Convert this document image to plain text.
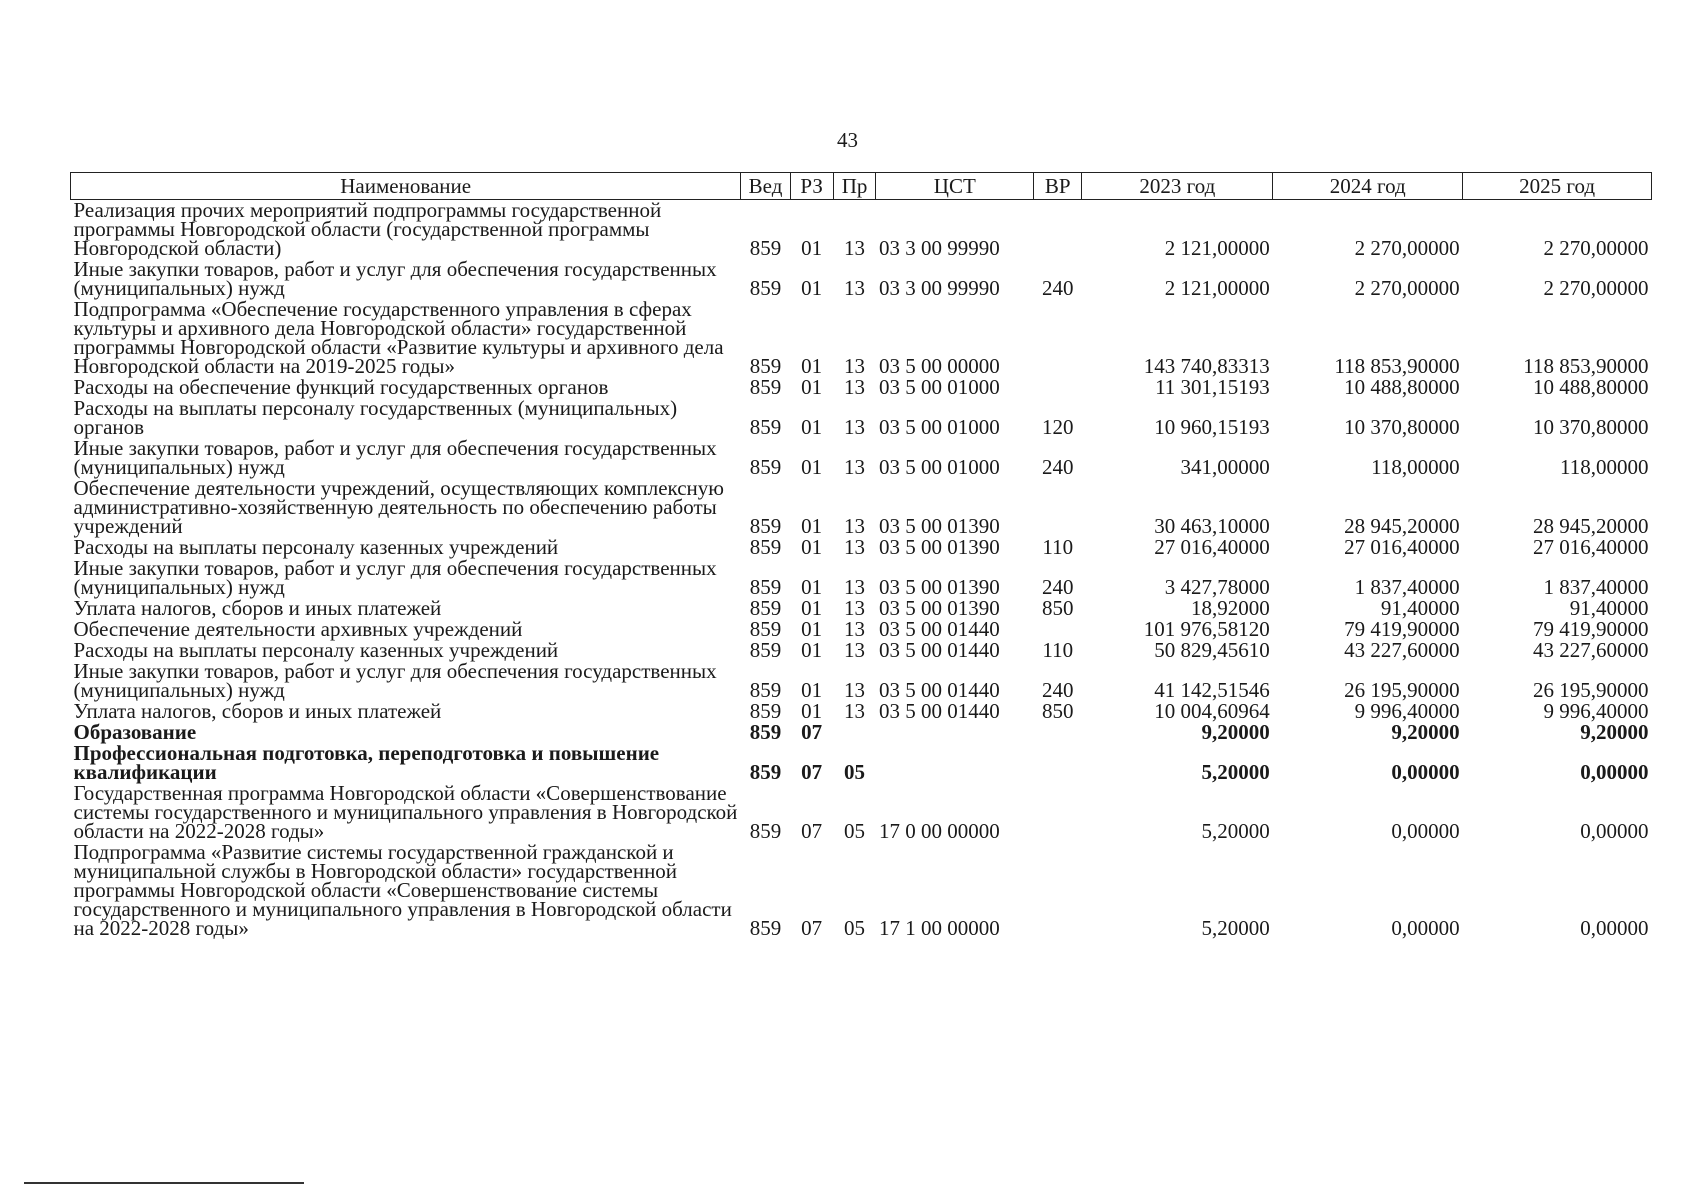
43
Наименование	Вед	РЗ	Пр	ЦСТ	ВР	2023 год	2024 год	2025 год
Реализация прочих мероприятий подпрограммы государственной программы Новгородской области (государственной программы Новгородской области)	859	01	13	03 3 00 99990		2 121,00000	2 270,00000	2 270,00000
Иные закупки товаров, работ и услуг для обеспечения государственных (муниципальных) нужд	859	01	13	03 3 00 99990	240	2 121,00000	2 270,00000	2 270,00000
Подпрограмма «Обеспечение государственного управления в сферах культуры и архивного дела Новгородской области» государственной программы Новгородской области «Развитие культуры и архивного дела Новгородской области на 2019-2025 годы»	859	01	13	03 5 00 00000		143 740,83313	118 853,90000	118 853,90000
Расходы на обеспечение функций государственных органов	859	01	13	03 5 00 01000		11 301,15193	10 488,80000	10 488,80000
Расходы на выплаты персоналу государственных (муниципальных) органов	859	01	13	03 5 00 01000	120	10 960,15193	10 370,80000	10 370,80000
Иные закупки товаров, работ и услуг для обеспечения государственных (муниципальных) нужд	859	01	13	03 5 00 01000	240	341,00000	118,00000	118,00000
Обеспечение деятельности учреждений, осуществляющих комплексную административно-хозяйственную деятельность по обеспечению работы учреждений	859	01	13	03 5 00 01390		30 463,10000	28 945,20000	28 945,20000
Расходы на выплаты персоналу казенных учреждений	859	01	13	03 5 00 01390	110	27 016,40000	27 016,40000	27 016,40000
Иные закупки товаров, работ и услуг для обеспечения государственных (муниципальных) нужд	859	01	13	03 5 00 01390	240	3 427,78000	1 837,40000	1 837,40000
Уплата налогов, сборов и иных платежей	859	01	13	03 5 00 01390	850	18,92000	91,40000	91,40000
Обеспечение деятельности архивных учреждений	859	01	13	03 5 00 01440		101 976,58120	79 419,90000	79 419,90000
Расходы на выплаты персоналу казенных учреждений	859	01	13	03 5 00 01440	110	50 829,45610	43 227,60000	43 227,60000
Иные закупки товаров, работ и услуг для обеспечения государственных (муниципальных) нужд	859	01	13	03 5 00 01440	240	41 142,51546	26 195,90000	26 195,90000
Уплата налогов, сборов и иных платежей	859	01	13	03 5 00 01440	850	10 004,60964	9 996,40000	9 996,40000
Образование	859	07				9,20000	9,20000	9,20000
Профессиональная подготовка, переподготовка и повышение квалификации	859	07	05			5,20000	0,00000	0,00000
Государственная программа Новгородской области «Совершенствование системы государственного и муниципального управления в Новгородской области на 2022-2028 годы»	859	07	05	17 0 00 00000		5,20000	0,00000	0,00000
Подпрограмма «Развитие системы государственной гражданской и муниципальной службы в Новгородской области» государственной программы Новгородской области «Совершенствование системы государственного и муниципального управления в Новгородской области на 2022-2028 годы»	859	07	05	17 1 00 00000		5,20000	0,00000	0,00000
